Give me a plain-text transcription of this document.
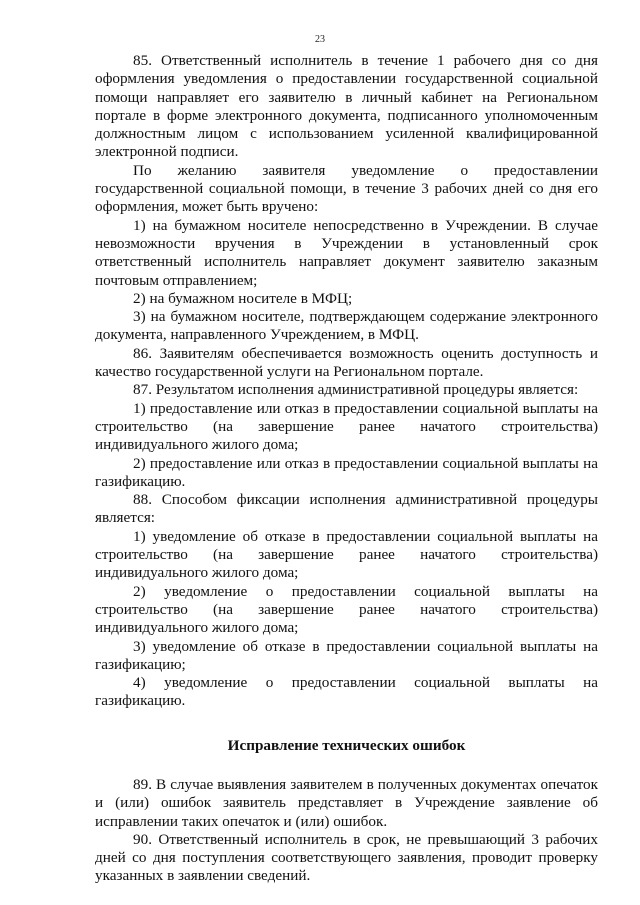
23

85. Ответственный исполнитель в течение 1 рабочего дня со дня оформления уведомления о предоставлении государственной социальной помощи направляет его заявителю в личный кабинет на Региональном портале в форме электронного документа, подписанного уполномоченным должностным лицом с использованием усиленной квалифицированной электронной подписи.

По желанию заявителя уведомление о предоставлении государственной социальной помощи, в течение 3 рабочих дней со дня его оформления, может быть вручено:

1) на бумажном носителе непосредственно в Учреждении. В случае невозможности вручения в Учреждении в установленный срок ответственный исполнитель направляет документ заявителю заказным почтовым отправлением;

2) на бумажном носителе в МФЦ;

3) на бумажном носителе, подтверждающем содержание электронного документа, направленного Учреждением, в МФЦ.

86. Заявителям обеспечивается возможность оценить доступность и качество государственной услуги на Региональном портале.

87. Результатом исполнения административной процедуры является:

1) предоставление или отказ в предоставлении социальной выплаты на строительство (на завершение ранее начатого строительства) индивидуального жилого дома;

2) предоставление или отказ в предоставлении социальной выплаты на газификацию.

88. Способом фиксации исполнения административной процедуры является:

1) уведомление об отказе в предоставлении социальной выплаты на строительство (на завершение ранее начатого строительства) индивидуального жилого дома;

2) уведомление о предоставлении социальной выплаты на строительство (на завершение ранее начатого строительства) индивидуального жилого дома;

3) уведомление об отказе в предоставлении социальной выплаты на газификацию;

4) уведомление о предоставлении социальной выплаты на газификацию.

Исправление технических ошибок

89. В случае выявления заявителем в полученных документах опечаток и (или) ошибок заявитель представляет в Учреждение заявление об исправлении таких опечаток и (или) ошибок.

90. Ответственный исполнитель в срок, не превышающий 3 рабочих дней со дня поступления соответствующего заявления, проводит проверку указанных в заявлении сведений.
